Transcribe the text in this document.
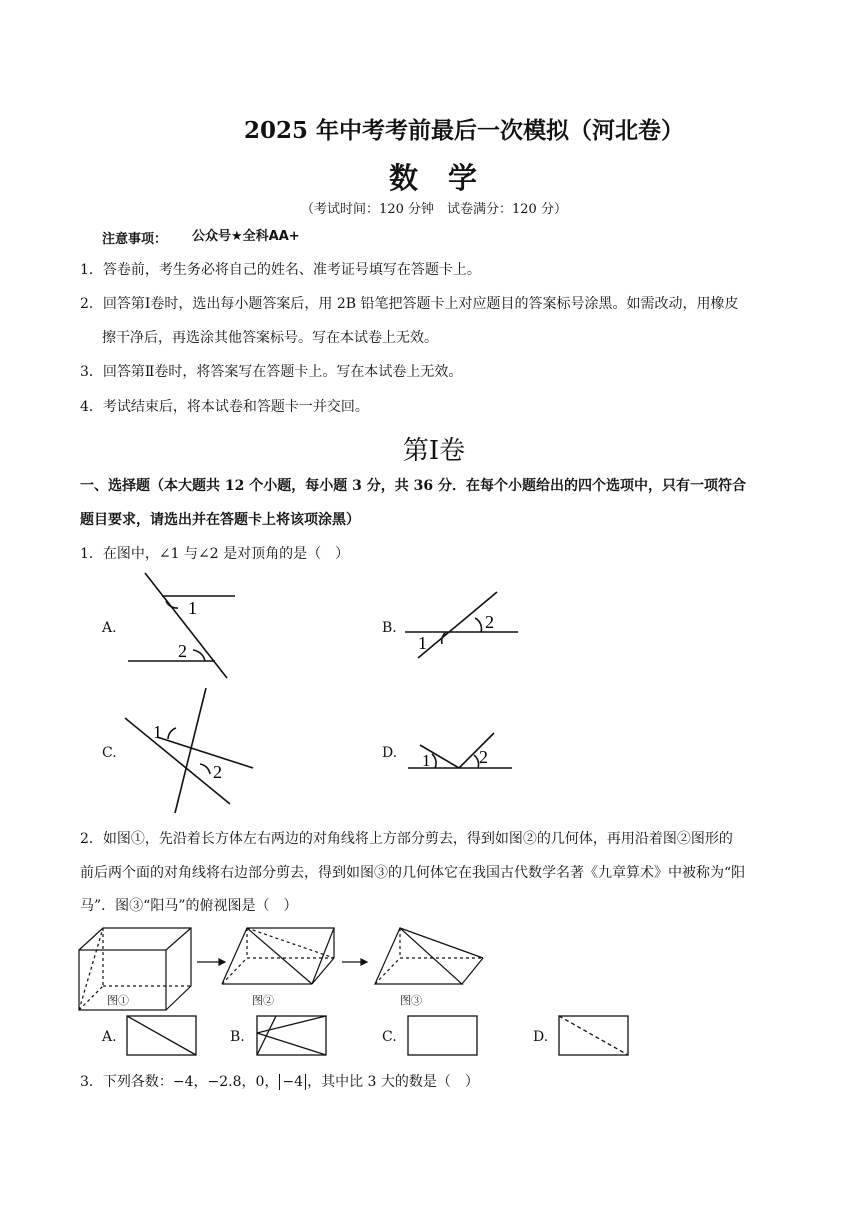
2025 年中考考前最后一次模拟（河北卷）
数 学
（考试时间：120 分钟　试卷满分：120 分）
注意事项： 公众号★全科AA+
1．答卷前，考生务必将自己的姓名、准考证号填写在答题卡上。
2．回答第Ⅰ卷时，选出每小题答案后，用 2B 铅笔把答题卡上对应题目的答案标号涂黑。如需改动，用橡皮
擦干净后，再选涂其他答案标号。写在本试卷上无效。
3．回答第Ⅱ卷时，将答案写在答题卡上。写在本试卷上无效。
4．考试结束后，将本试卷和答题卡一并交回。
第Ⅰ卷
一、选择题（本大题共 12 个小题，每小题 3 分，共 36 分．在每个小题给出的四个选项中，只有一项符合
题目要求，请选出并在答题卡上将该项涂黑）
1．在图中，∠1 与∠2 是对顶角的是（　）
A.
1
2
B.	2
1
C.
1
2
D. 1	2
2．如图①，先沿着长方体左右两边的对角线将上方部分剪去，得到如图②的几何体，再用沿着图②图形的
前后两个面的对角线将右边部分剪去，得到如图③的几何体它在我国古代数学名著《九章算术》中被称为“阳
马”．图③“阳马”的俯视图是（　）
图①	图②	图③
A.	B.	C.	D.
3．下列各数：−4，−2.8，0， −4 ，其中比 3 大的数是（　）
